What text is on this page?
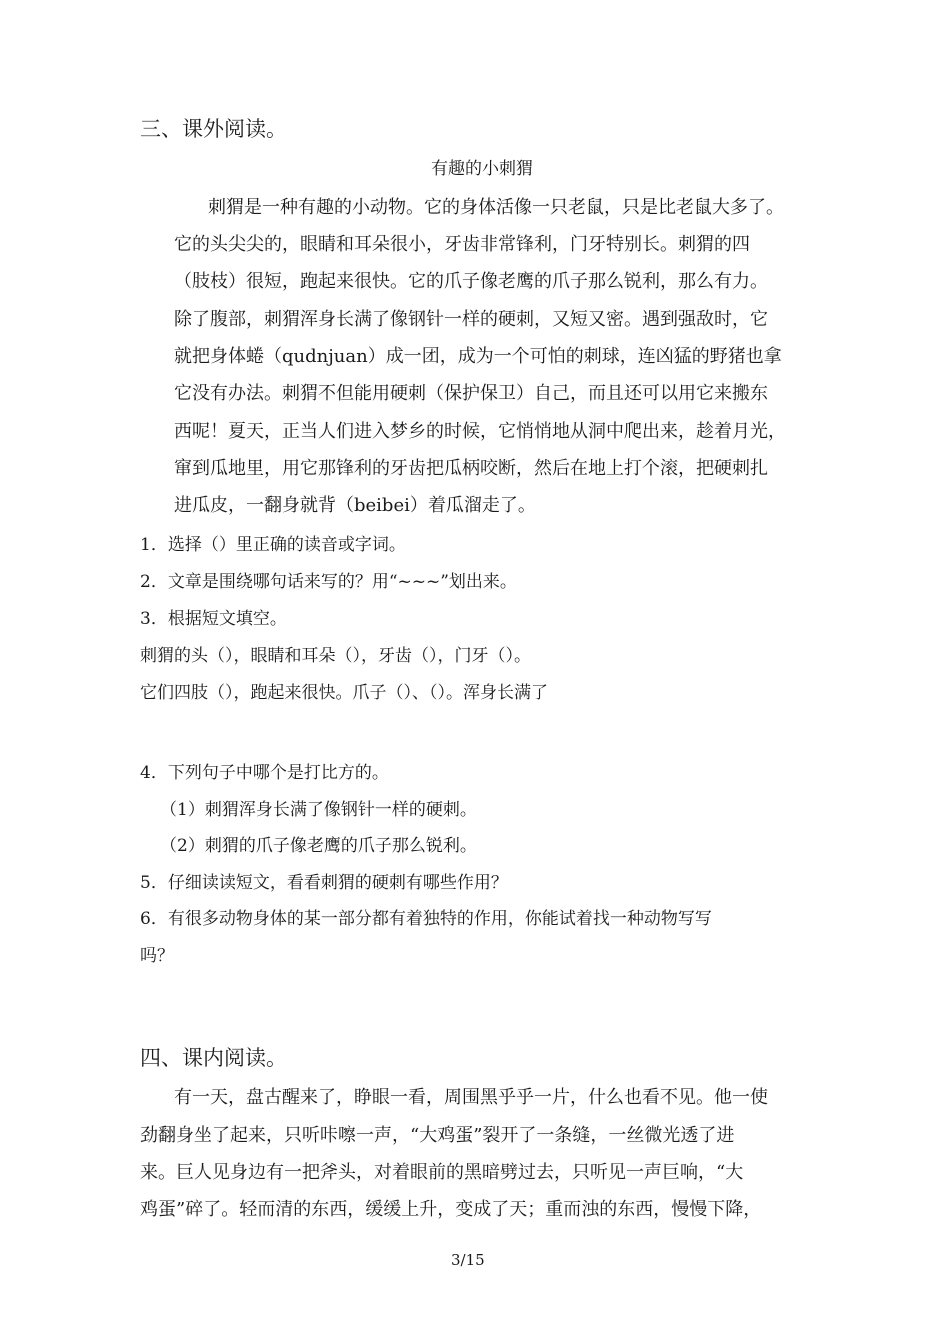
三、课外阅读。
有趣的小刺猬
刺猬是一种有趣的小动物。它的身体活像一只老鼠，只是比老鼠大多了。
它的头尖尖的，眼睛和耳朵很小，牙齿非常锋利，门牙特别长。刺猬的四
（肢枝）很短，跑起来很快。它的爪子像老鹰的爪子那么锐利，那么有力。
除了腹部，刺猬浑身长满了像钢针一样的硬刺，又短又密。遇到强敌时，它
就把身体蜷（qudnjuan）成一团，成为一个可怕的刺球，连凶猛的野猪也拿
它没有办法。刺猬不但能用硬刺（保护保卫）自己，而且还可以用它来搬东
西呢！夏天，正当人们进入梦乡的时候，它悄悄地从洞中爬出来，趁着月光，
窜到瓜地里，用它那锋利的牙齿把瓜柄咬断，然后在地上打个滚，把硬刺扎
进瓜皮，一翻身就背（beibei）着瓜溜走了。
1．选择（）里正确的读音或字词。
2．文章是围绕哪句话来写的？用“~~~”划出来。
3．根据短文填空。
刺猬的头（），眼睛和耳朵（），牙齿（），门牙（）。
它们四肢（），跑起来很快。爪子（）、（）。浑身长满了
4．下列句子中哪个是打比方的。
（1）刺猬浑身长满了像钢针一样的硬刺。
（2）刺猬的爪子像老鹰的爪子那么锐利。
5．仔细读读短文，看看刺猬的硬刺有哪些作用？
6．有很多动物身体的某一部分都有着独特的作用，你能试着找一种动物写写
吗？
四、课内阅读。
有一天，盘古醒来了，睁眼一看，周围黑乎乎一片，什么也看不见。他一使
劲翻身坐了起来，只听咔嚓一声，“大鸡蛋”裂开了一条缝，一丝微光透了进
来。巨人见身边有一把斧头，对着眼前的黑暗劈过去，只听见一声巨响，“大
鸡蛋”碎了。轻而清的东西，缓缓上升，变成了天；重而浊的东西，慢慢下降，
3/15
